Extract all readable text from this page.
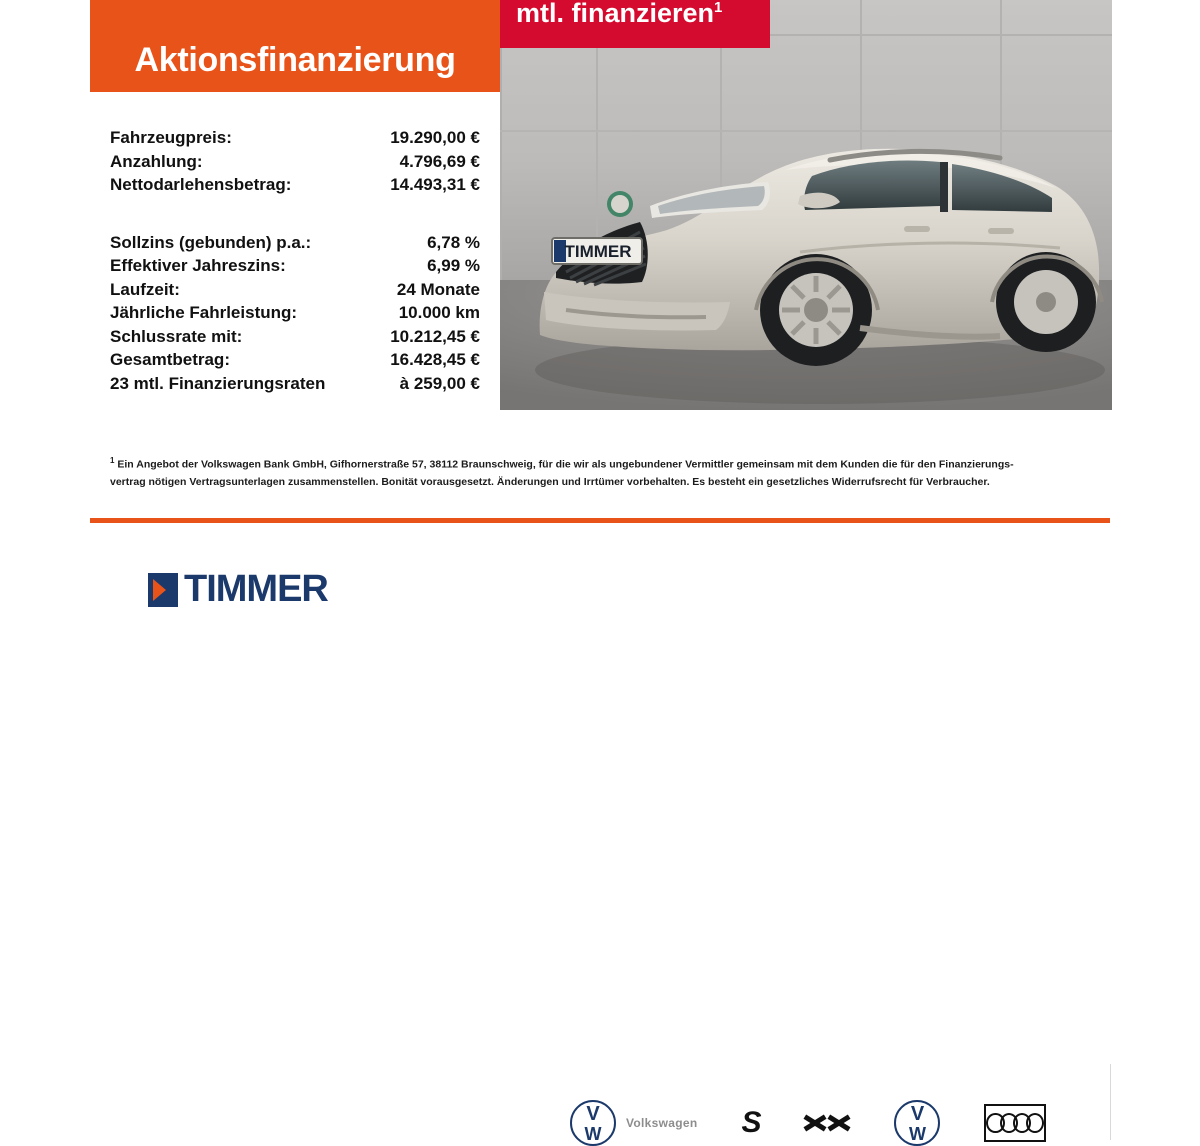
Aktionsfinanzierung
TIMMER
mtl. finanzieren$^1$
Fahrzeugpreis:	19.290,00 €
Anzahlung:	4.796,69 €
Nettodarlehensbetrag:	14.493,31 €
Sollzins (gebunden) p.a.:	6,78 %
Effektiver Jahreszins:	6,99 %
Laufzeit:	24 Monate
Jährliche Fahrleistung:	10.000 km
Schlussrate mit:	10.212,45 €
Gesamtbetrag:	16.428,45 €
23 mtl. Finanzierungsraten	à 259,00 €
$^1$ Ein Angebot der Volkswagen Bank GmbH, Gifhornerstraße 57, 38112 Braunschweig, für die wir als ungebundener Vermittler gemeinsam mit dem Kunden die für den Finanzierungs- vertrag nötigen Vertragsunterlagen zusammenstellen. Bonität vorausgesetzt. Änderungen und Irrtümer vorbehalten. Es besteht ein gesetzliches Widerrufsrecht für Verbraucher.
TIMMER
V W
Volkswagen S
V W
